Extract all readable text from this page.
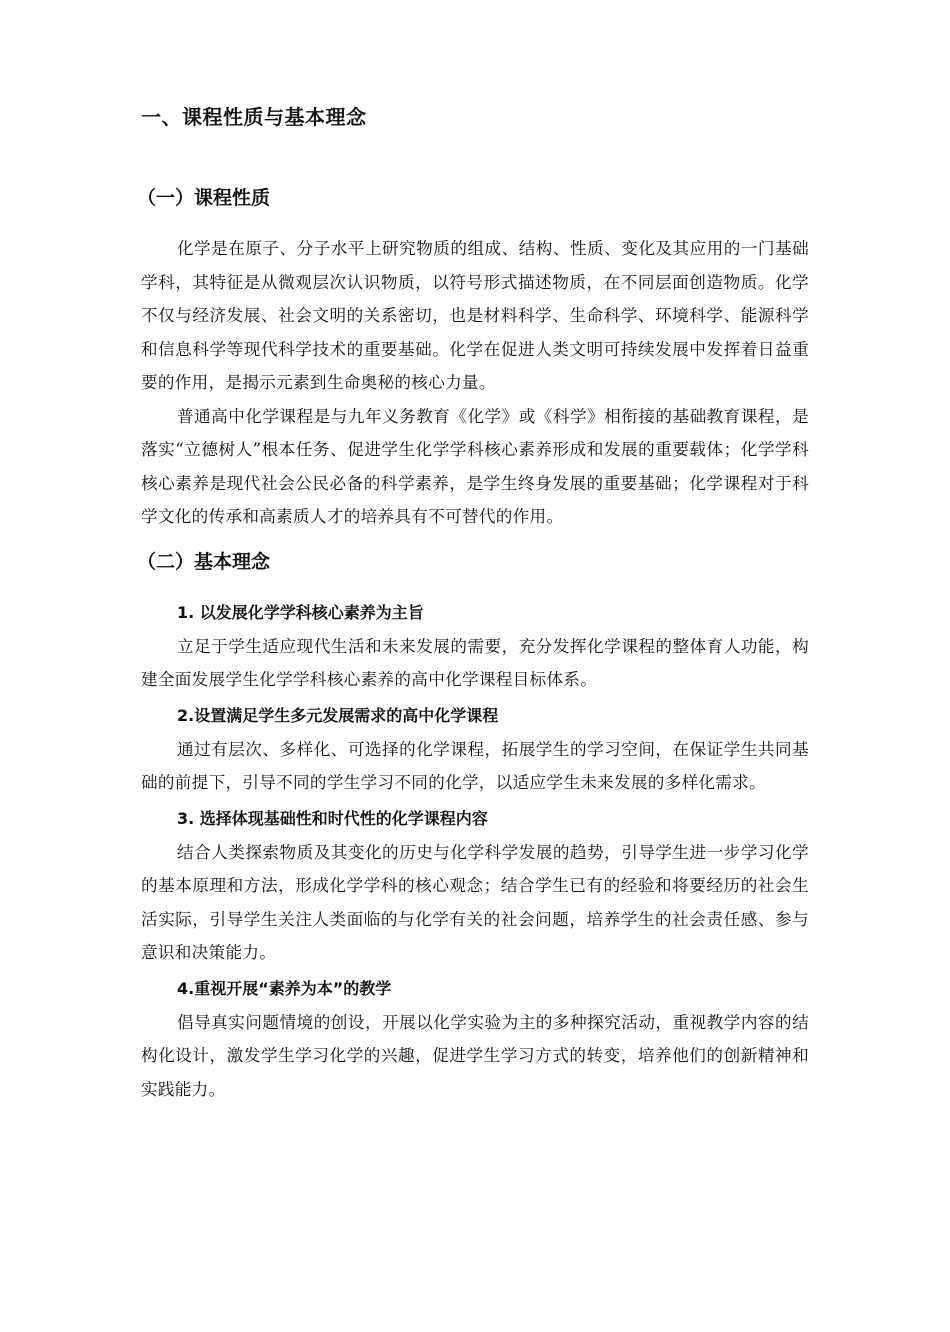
一、课程性质与基本理念
（一）课程性质

化学是在原子、分子水平上研究物质的组成、结构、性质、变化及其应用的一门基础学科，其特征是从微观层次认识物质，以符号形式描述物质，在不同层面创造物质。化学不仅与经济发展、社会文明的关系密切，也是材料科学、生命科学、环境科学、能源科学和信息科学等现代科学技术的重要基础。化学在促进人类文明可持续发展中发挥着日益重要的作用，是揭示元素到生命奥秘的核心力量。

普通高中化学课程是与九年义务教育《化学》或《科学》相衔接的基础教育课程，是落实“立德树人”根本任务、促进学生化学学科核心素养形成和发展的重要载体；化学学科核心素养是现代社会公民必备的科学素养，是学生终身发展的重要基础；化学课程对于科学文化的传承和高素质人才的培养具有不可替代的作用。

（二）基本理念
1. 以发展化学学科核心素养为主旨

立足于学生适应现代生活和未来发展的需要，充分发挥化学课程的整体育人功能，构建全面发展学生化学学科核心素养的高中化学课程目标体系。

2.设置满足学生多元发展需求的高中化学课程

通过有层次、多样化、可选择的化学课程，拓展学生的学习空间，在保证学生共同基础的前提下，引导不同的学生学习不同的化学，以适应学生未来发展的多样化需求。

3. 选择体现基础性和时代性的化学课程内容

结合人类探索物质及其变化的历史与化学科学发展的趋势，引导学生进一步学习化学的基本原理和方法，形成化学学科的核心观念；结合学生已有的经验和将要经历的社会生活实际，引导学生关注人类面临的与化学有关的社会问题，培养学生的社会责任感、参与意识和决策能力。

4.重视开展“素养为本”的教学

倡导真实问题情境的创设，开展以化学实验为主的多种探究活动，重视教学内容的结构化设计，激发学生学习化学的兴趣，促进学生学习方式的转变，培养他们的创新精神和实践能力。
